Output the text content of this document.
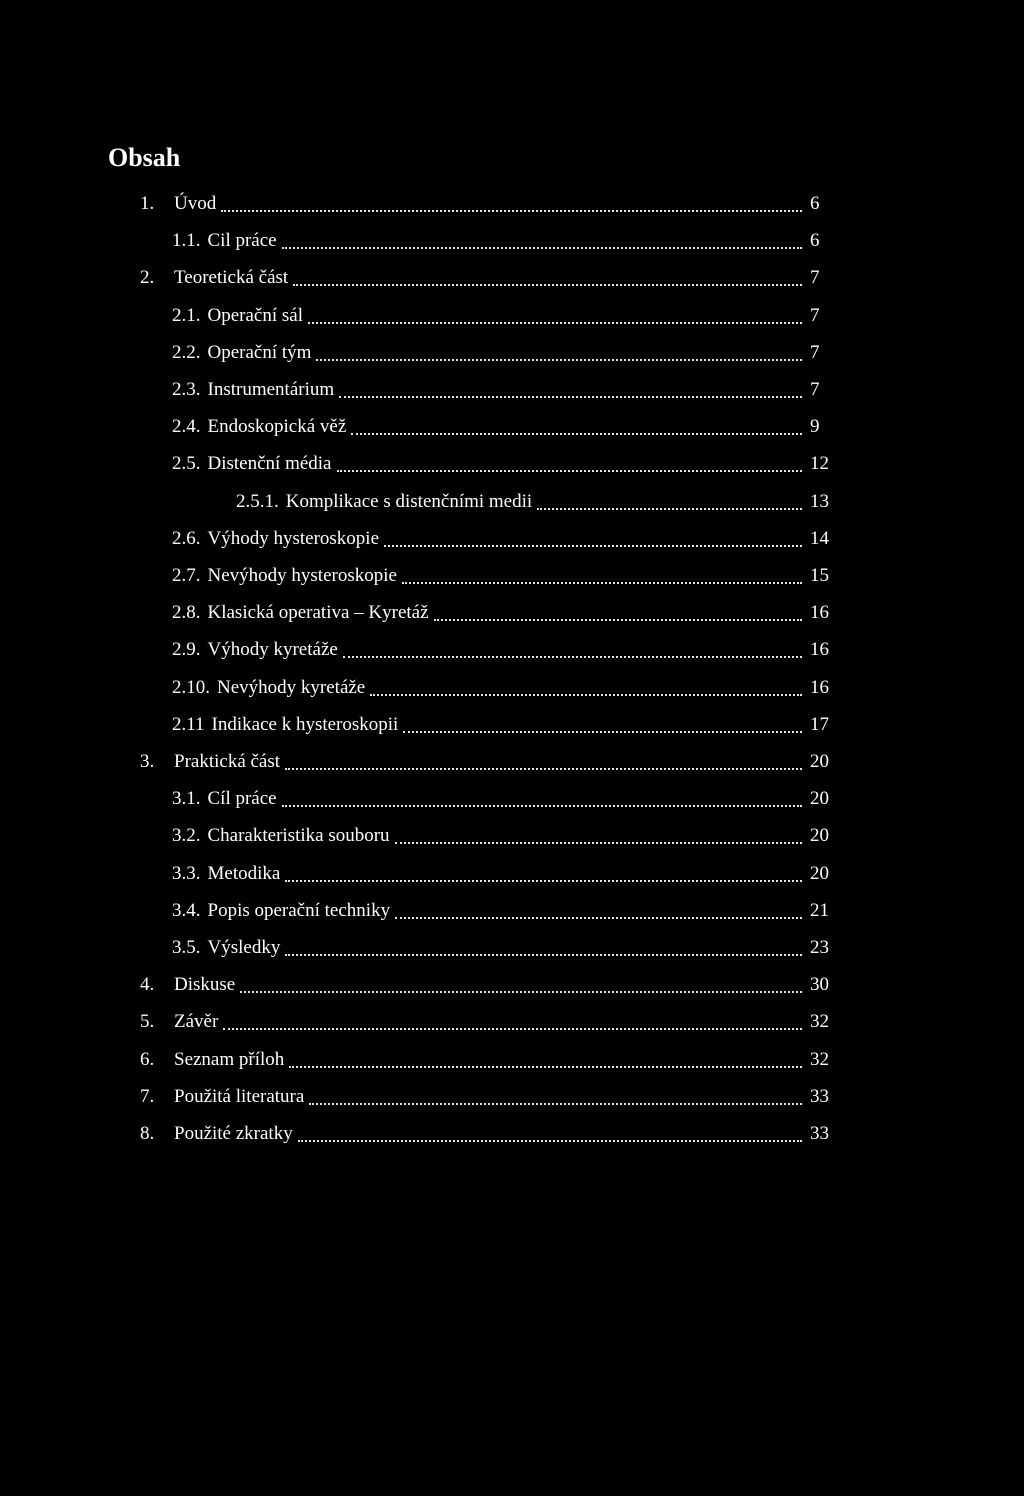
Obsah
1. Úvod	6
1.1. Cil práce	6
2. Teoretická část	7
2.1. Operační sál	7
2.2. Operační tým	7
2.3. Instrumentárium	7
2.4. Endoskopická věž	9
2.5. Distenční média	12
2.5.1. Komplikace s distenčními medii	13
2.6. Výhody hysteroskopie	14
2.7. Nevýhody hysteroskopie	15
2.8. Klasická operativa – Kyretáž	16
2.9. Výhody kyretáže	16
2.10. Nevýhody kyretáže	16
2.11 Indikace k hysteroskopii	17
3. Praktická část	20
3.1. Cíl práce	20
3.2. Charakteristika souboru	20
3.3. Metodika	20
3.4. Popis operační techniky	21
3.5. Výsledky	23
4. Diskuse	30
5. Závěr	32
6. Seznam příloh	32
7. Použitá literatura	33
8. Použité zkratky	33
